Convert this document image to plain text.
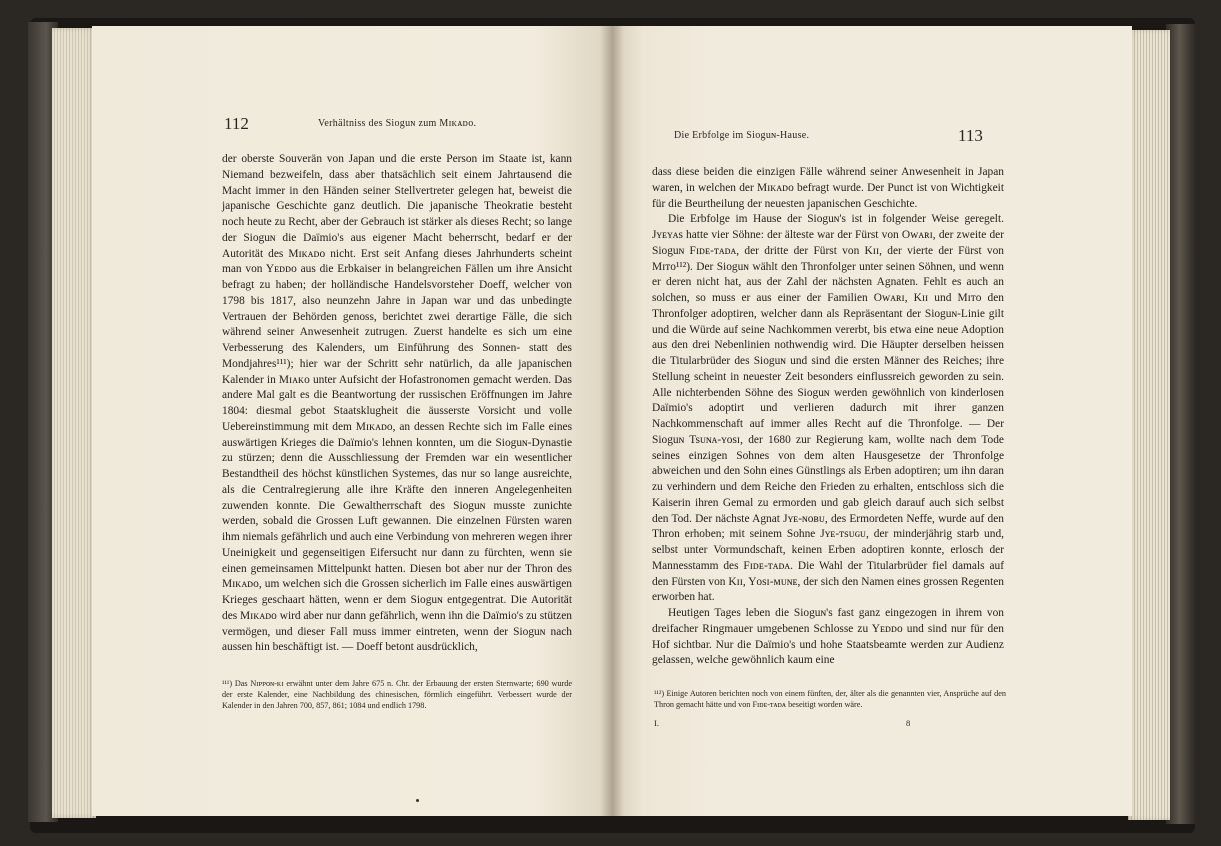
112	Verhältniss des Sioguɴ zum Mɪᴋᴀᴅᴏ.

der oberste Souverän von Japan und die erste Person im Staate ist, kann Niemand bezweifeln, dass aber thatsächlich seit einem Jahrtausend die Macht immer in den Händen seiner Stellvertreter gelegen hat, beweist die japanische Geschichte ganz deutlich. Die japanische Theokratie besteht noch heute zu Recht, aber der Gebrauch ist stärker als dieses Recht; so lange der Sioguɴ die Daïmio's aus eigener Macht beherrscht, bedarf er der Autorität des Mɪᴋᴀᴅᴏ nicht. Erst seit Anfang dieses Jahrhunderts scheint man von Yᴇᴅᴅᴏ aus die Erbkaiser in belangreichen Fällen um ihre Ansicht befragt zu haben; der holländische Handelsvorsteher Doeff, welcher von 1798 bis 1817, also neunzehn Jahre in Japan war und das unbedingte Vertrauen der Behörden genoss, berichtet zwei derartige Fälle, die sich während seiner Anwesenheit zutrugen. Zuerst handelte es sich um eine Verbesserung des Kalenders, um Einführung des Sonnen- statt des Mondjahres¹¹¹); hier war der Schritt sehr natürlich, da alle japanischen Kalender in Mɪᴀᴋᴏ unter Aufsicht der Hofastronomen gemacht werden. Das andere Mal galt es die Beantwortung der russischen Eröffnungen im Jahre 1804: diesmal gebot Staatsklugheit die äusserste Vorsicht und volle Uebereinstimmung mit dem Mɪᴋᴀᴅᴏ, an dessen Rechte sich im Falle eines auswärtigen Krieges die Daïmio's lehnen konnten, um die Sioguɴ-Dynastie zu stürzen; denn die Ausschliessung der Fremden war ein wesentlicher Bestandtheil des höchst künstlichen Systemes, das nur so lange ausreichte, als die Centralregierung alle ihre Kräfte den inneren Angelegenheiten zuwenden konnte. Die Gewaltherrschaft des Sioguɴ musste zunichte werden, sobald die Grossen Luft gewannen. Die einzelnen Fürsten waren ihm niemals gefährlich und auch eine Verbindung von mehreren wegen ihrer Uneinigkeit und gegenseitigen Eifersucht nur dann zu fürchten, wenn sie einen gemeinsamen Mittelpunkt hatten. Diesen bot aber nur der Thron des Mɪᴋᴀᴅᴏ, um welchen sich die Grossen sicherlich im Falle eines auswärtigen Krieges geschaart hätten, wenn er dem Sioguɴ entgegentrat. Die Autorität des Mɪᴋᴀᴅᴏ wird aber nur dann gefährlich, wenn ihn die Daïmio's zu stützen vermögen, und dieser Fall muss immer eintreten, wenn der Sioguɴ nach aussen hin beschäftigt ist. — Doeff betont ausdrücklich,

¹¹¹) Das Nɪᴘᴘᴏɴ-ᴋɪ erwähnt unter dem Jahre 675 n. Chr. der Erbauung der ersten Sternwarte; 690 wurde der erste Kalender, eine Nachbildung des chinesischen, förmlich eingeführt. Verbessert wurde der Kalender in den Jahren 700, 857, 861; 1084 und endlich 1798.
Die Erbfolge im Sioguɴ-Hause.	113

dass diese beiden die einzigen Fälle während seiner Anwesenheit in Japan waren, in welchen der Mɪᴋᴀᴅᴏ befragt wurde. Der Punct ist von Wichtigkeit für die Beurtheilung der neuesten japanischen Geschichte.

Die Erbfolge im Hause der Sioguɴ's ist in folgender Weise geregelt. Jʏᴇʏᴀs hatte vier Söhne: der älteste war der Fürst von Oᴡᴀʀɪ, der zweite der Sioguɴ Fɪᴅᴇ-ᴛᴀᴅᴀ, der dritte der Fürst von Kɪɪ, der vierte der Fürst von Mɪᴛᴏ¹¹²). Der Sioguɴ wählt den Thronfolger unter seinen Söhnen, und wenn er deren nicht hat, aus der Zahl der nächsten Agnaten. Fehlt es auch an solchen, so muss er aus einer der Familien Oᴡᴀʀɪ, Kɪɪ und Mɪᴛᴏ den Thronfolger adoptiren, welcher dann als Repräsentant der Sioguɴ-Linie gilt und die Würde auf seine Nachkommen vererbt, bis etwa eine neue Adoption aus den drei Nebenlinien nothwendig wird. Die Häupter derselben heissen die Titularbrüder des Sioguɴ und sind die ersten Männer des Reiches; ihre Stellung scheint in neuester Zeit besonders einflussreich geworden zu sein. Alle nichterbenden Söhne des Sioguɴ werden gewöhnlich von kinderlosen Daïmio's adoptirt und verlieren dadurch mit ihrer ganzen Nachkommenschaft auf immer alles Recht auf die Thronfolge. — Der Sioguɴ Tsᴜɴᴀ-ʏᴏsɪ, der 1680 zur Regierung kam, wollte nach dem Tode seines einzigen Sohnes von dem alten Hausgesetze der Thronfolge abweichen und den Sohn eines Günstlings als Erben adoptiren; um ihn daran zu verhindern und dem Reiche den Frieden zu erhalten, entschloss sich die Kaiserin ihren Gemal zu ermorden und gab gleich darauf auch sich selbst den Tod. Der nächste Agnat Jʏᴇ-ɴᴏʙᴜ, des Ermordeten Neffe, wurde auf den Thron erhoben; mit seinem Sohne Jʏᴇ-ᴛsᴜɢᴜ, der minderjährig starb und, selbst unter Vormundschaft, keinen Erben adoptiren konnte, erlosch der Mannesstamm des Fɪᴅᴇ-ᴛᴀᴅᴀ. Die Wahl der Titularbrüder fiel damals auf den Fürsten von Kɪɪ, Yᴏsɪ-ᴍᴜɴᴇ, der sich den Namen eines grossen Regenten erworben hat.

Heutigen Tages leben die Sioguɴ's fast ganz eingezogen in ihrem von dreifacher Ringmauer umgebenen Schlosse zu Yᴇᴅᴅᴏ und sind nur für den Hof sichtbar. Nur die Daïmio's und hohe Staatsbeamte werden zur Audienz gelassen, welche gewöhnlich kaum eine

¹¹²) Einige Autoren berichten noch von einem fünften, der, älter als die genannten vier, Ansprüche auf den Thron gemacht hätte und von Fɪᴅᴇ-ᴛᴀᴅᴀ beseitigt worden wäre.
I.	8
